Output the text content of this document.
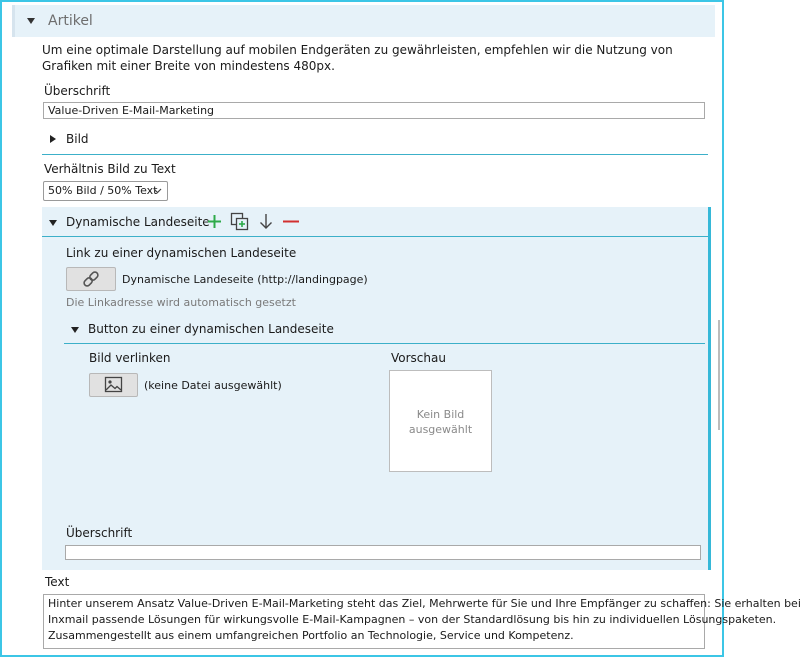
Artikel
Um eine optimale Darstellung auf mobilen Endgeräten zu gewährleisten, empfehlen wir die Nutzung von Grafiken mit einer Breite von mindestens 480px.
Überschrift
Value-Driven E-Mail-Marketing
Bild
Verhältnis Bild zu Text
50% Bild / 50% Text
Dynamische Landeseite
Link zu einer dynamischen Landeseite
Dynamische Landeseite (http://landingpage)
Die Linkadresse wird automatisch gesetzt
Button zu einer dynamischen Landeseite
Bild verlinken
(keine Datei ausgewählt)
Vorschau
Kein Bild
ausgewählt
Überschrift
Text
Hinter unserem Ansatz Value-Driven E-Mail-Marketing steht das Ziel, Mehrwerte für Sie und Ihre Empfänger zu schaffen: Sie erhalten bei
Inxmail passende Lösungen für wirkungsvolle E-Mail-Kampagnen – von der Standardlösung bis hin zu individuellen Lösungspaketen.
Zusammengestellt aus einem umfangreichen Portfolio an Technologie, Service und Kompetenz.
